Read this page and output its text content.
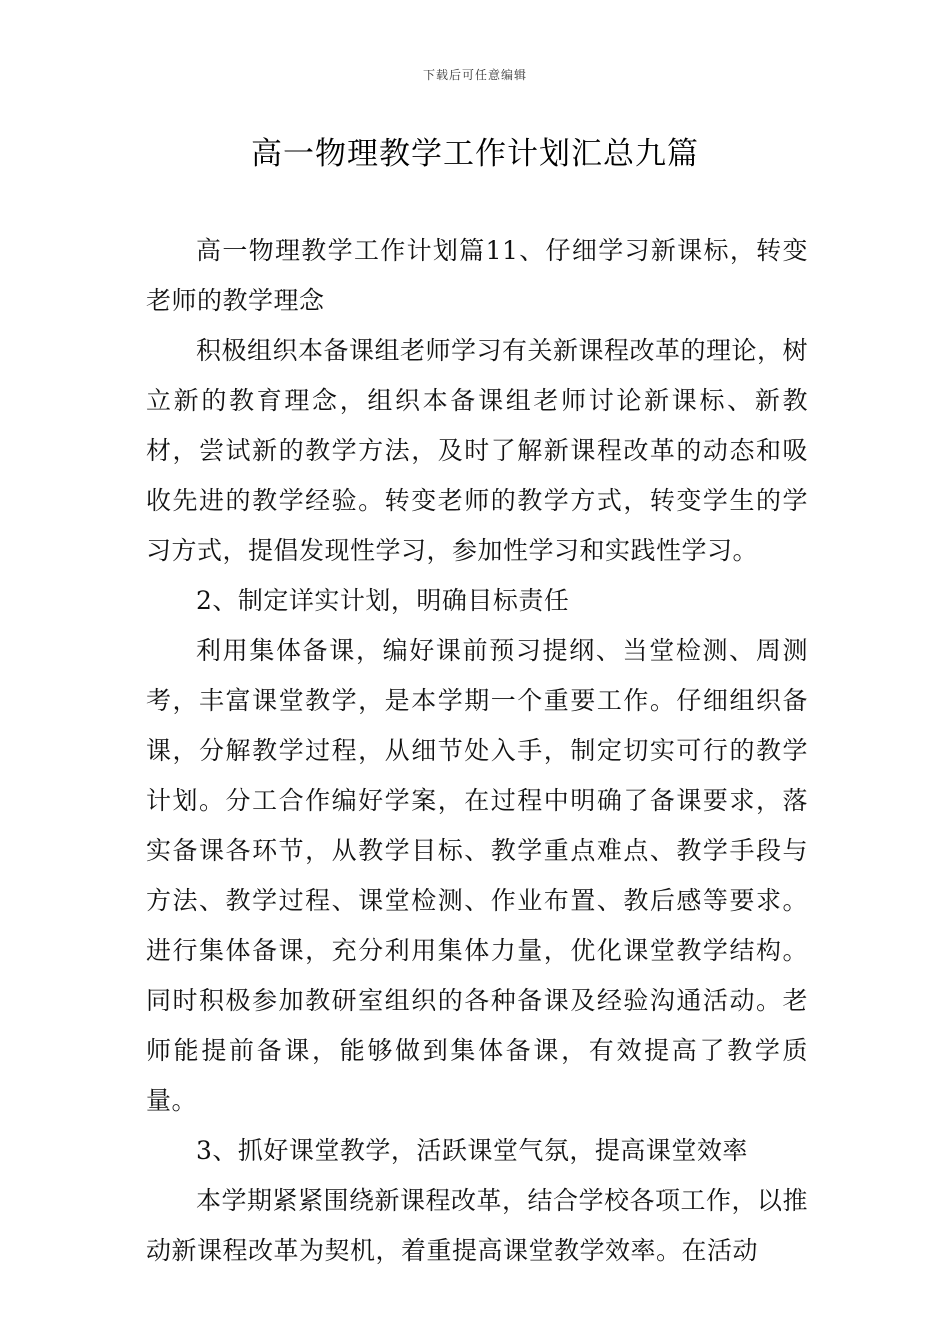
下载后可任意编辑
高一物理教学工作计划汇总九篇

高一物理教学工作计划篇11、仔细学习新课标，转变老师的教学理念

积极组织本备课组老师学习有关新课程改革的理论，树立新的教育理念，组织本备课组老师讨论新课标、新教材，尝试新的教学方法，及时了解新课程改革的动态和吸收先进的教学经验。转变老师的教学方式，转变学生的学习方式，提倡发现性学习，参加性学习和实践性学习。

2、制定详实计划，明确目标责任

利用集体备课，编好课前预习提纲、当堂检测、周测考，丰富课堂教学，是本学期一个重要工作。仔细组织备课，分解教学过程，从细节处入手，制定切实可行的教学计划。分工合作编好学案，在过程中明确了备课要求，落实备课各环节，从教学目标、教学重点难点、教学手段与方法、教学过程、课堂检测、作业布置、教后感等要求。进行集体备课，充分利用集体力量，优化课堂教学结构。同时积极参加教研室组织的各种备课及经验沟通活动。老师能提前备课，能够做到集体备课，有效提高了教学质量。

3、抓好课堂教学，活跃课堂气氛，提高课堂效率

本学期紧紧围绕新课程改革，结合学校各项工作，以推动新课程改革为契机，着重提高课堂教学效率。在活动
